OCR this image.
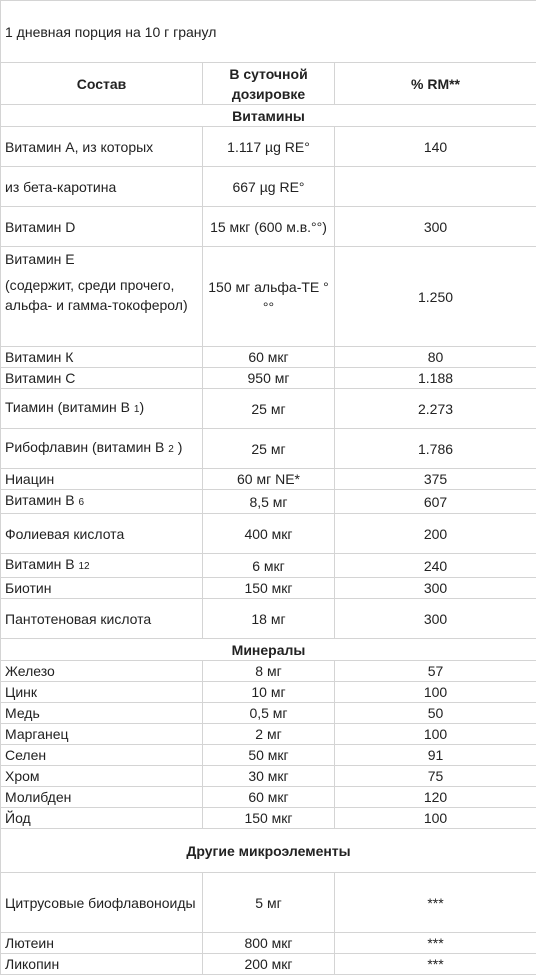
1 дневная порция на 10 г гранул		
Состав	В суточной дозировке	% RM**
Витамины		
Витамин А, из которых	1.117 µg RE°	140
из бета-каротина	667 µg RE°	
Витамин D	15 мкг (600 м.в.°°)	300

Витамин Е
(содержит, среди прочего, альфа- и гамма-токоферол)	150 мг альфа-TE °°°	1.250
Витамин К	60 мкг	80
Витамин С	950 мг	1.188
Тиамин (витамин В 1)	25 мг	2.273
Рибофлавин (витамин В 2 )	25 мг	1.786
Ниацин	60 мг NE*	375
Витамин В 6	8,5 мг	607
Фолиевая кислота	400 мкг	200
Витамин В 12	6 мкг	240
Биотин	150 мкг	300
Пантотеновая кислота	18 мг	300
Минералы		
Железо	8 мг	57
Цинк	10 мг	100
Медь	0,5 мг	50
Марганец	2 мг	100
Селен	50 мкг	91
Хром	30 мкг	75
Молибден	60 мкг	120
Йод	150 мкг	100
Другие микроэлементы		
Цитрусовые биофлавоноиды	5 мг	***
Лютеин	800 мкг	***
Ликопин	200 мкг	***
